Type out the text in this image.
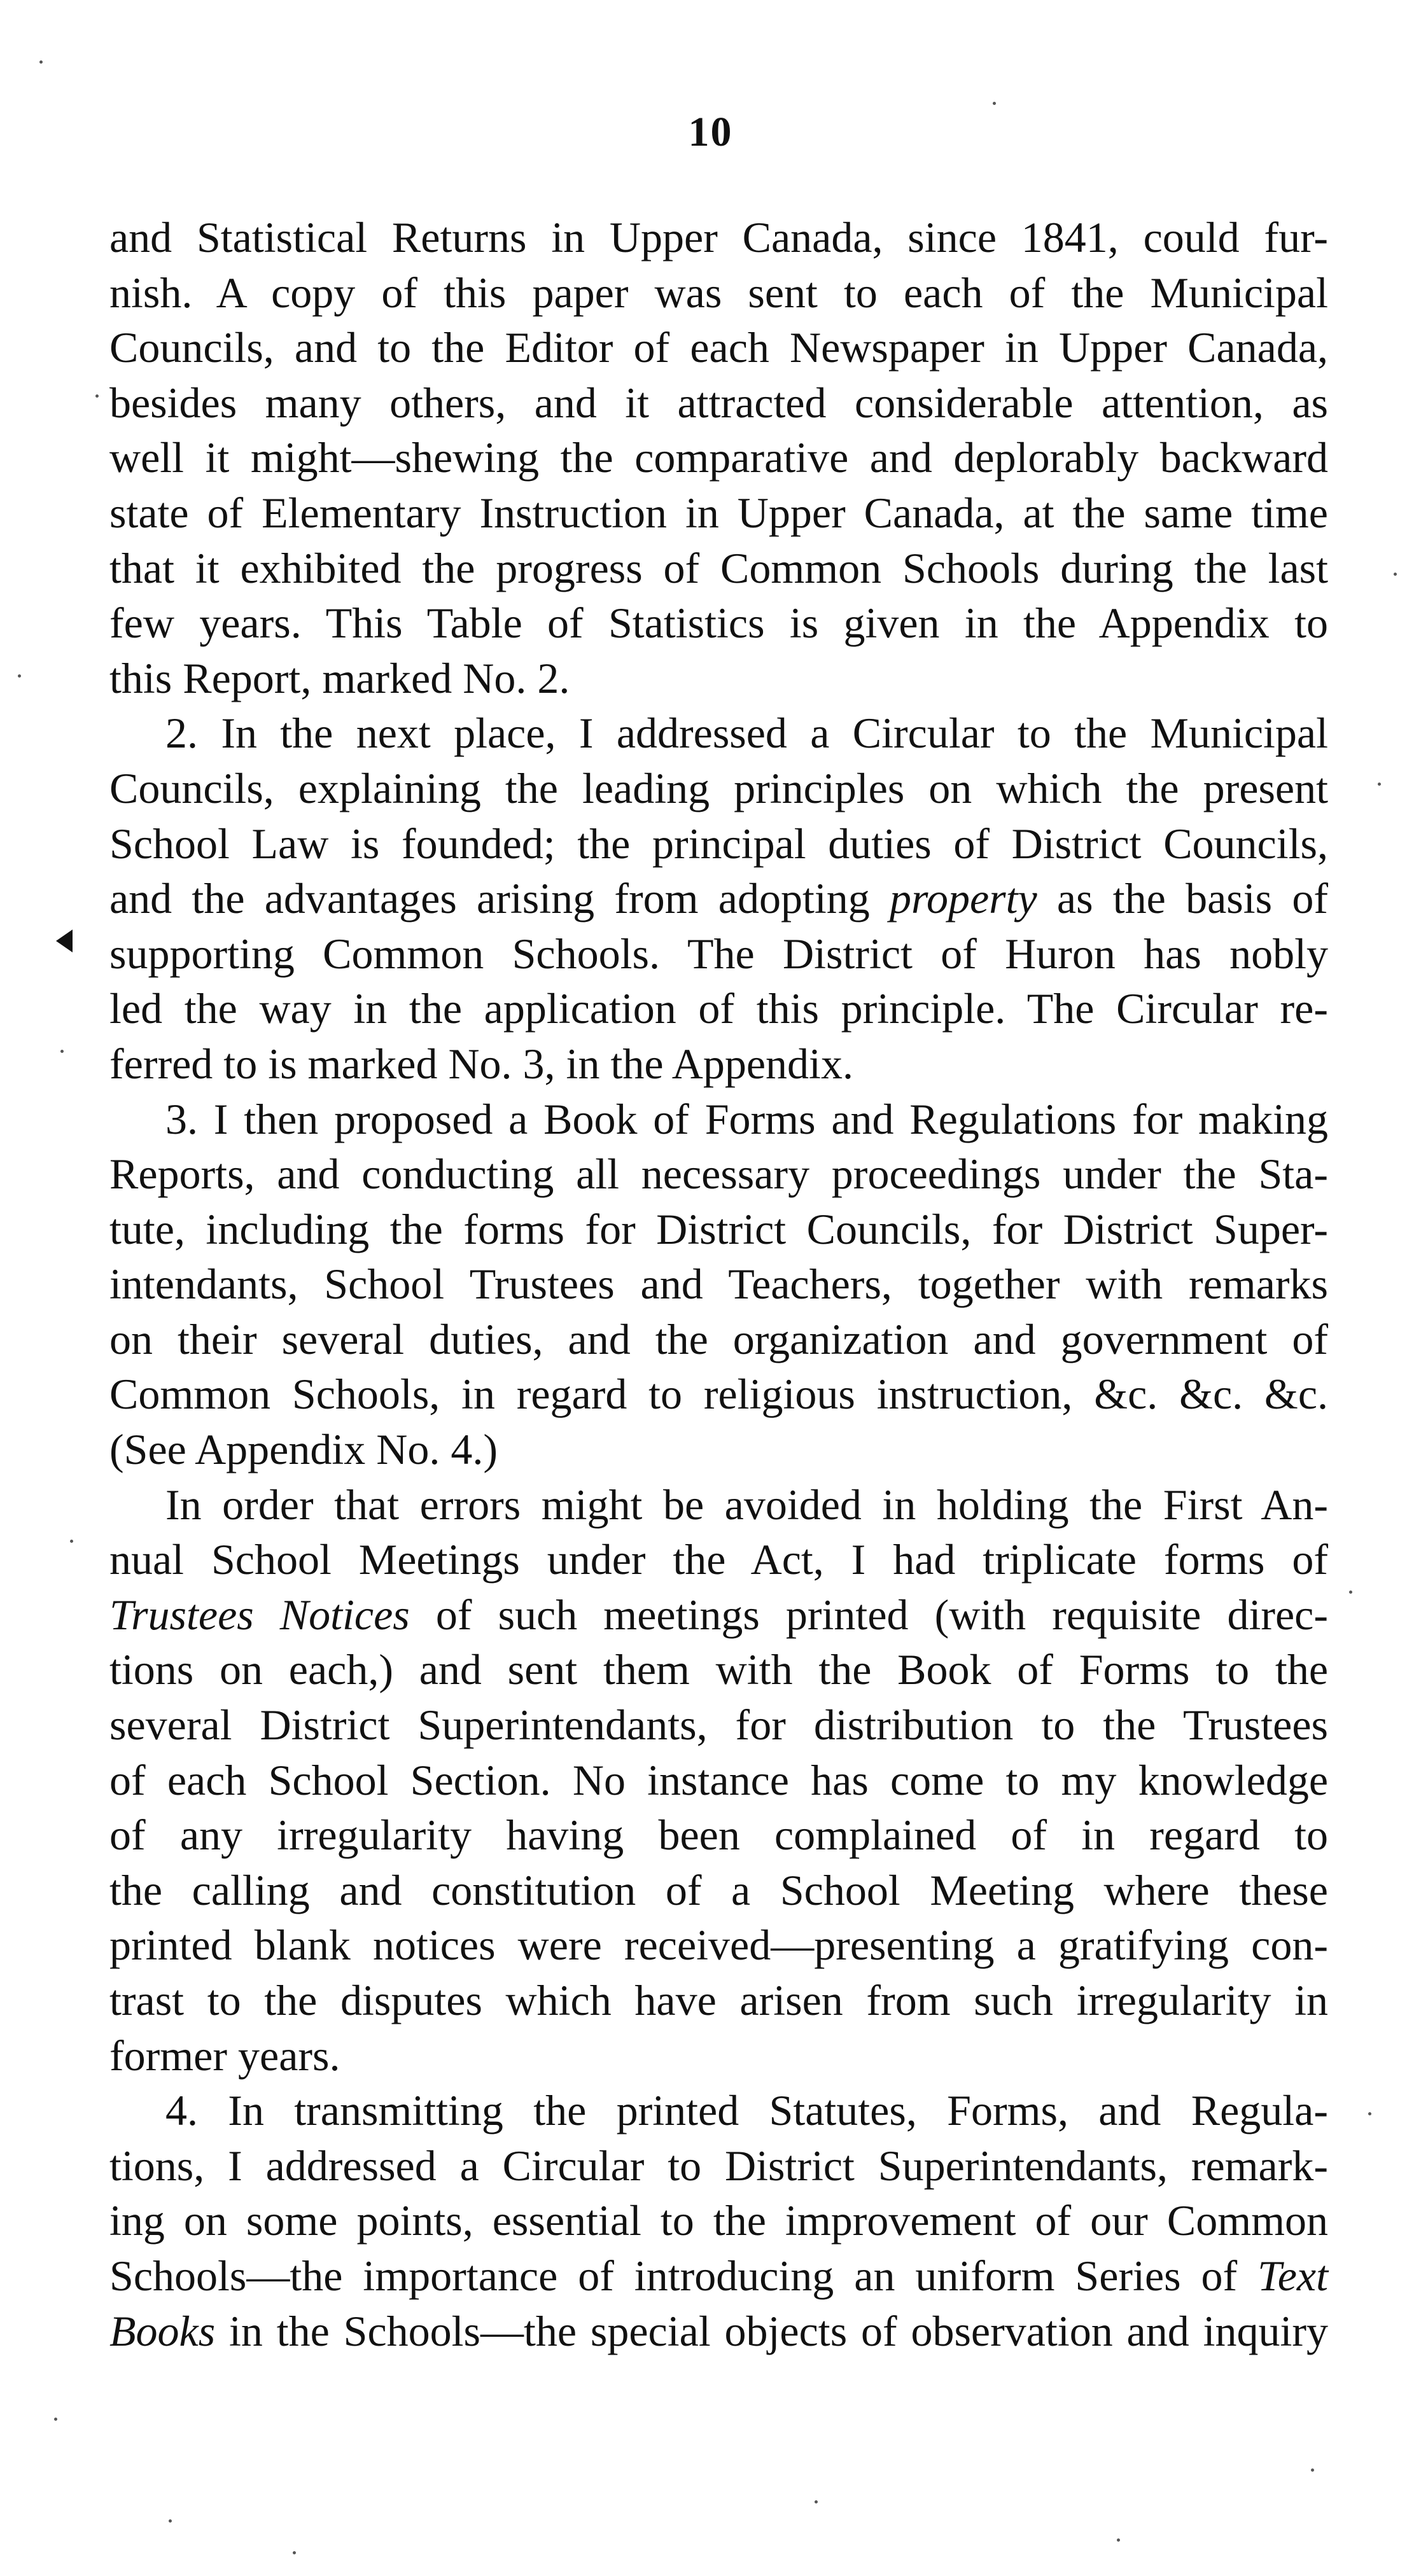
10
and Statistical Returns in Upper Canada, since 1841, could fur-
nish. A copy of this paper was sent to each of the Municipal
Councils, and to the Editor of each Newspaper in Upper Canada,
besides many others, and it attracted considerable attention, as
well it might—shewing the comparative and deplorably backward
state of Elementary Instruction in Upper Canada, at the same time
that it exhibited the progress of Common Schools during the last
few years. This Table of Statistics is given in the Appendix to
this Report, marked No. 2.
2. In the next place, I addressed a Circular to the Municipal
Councils, explaining the leading principles on which the present
School Law is founded; the principal duties of District Councils,
and the advantages arising from adopting property as the basis of
supporting Common Schools. The District of Huron has nobly
led the way in the application of this principle. The Circular re-
ferred to is marked No. 3, in the Appendix.
3. I then proposed a Book of Forms and Regulations for making
Reports, and conducting all necessary proceedings under the Sta-
tute, including the forms for District Councils, for District Super-
intendants, School Trustees and Teachers, together with remarks
on their several duties, and the organization and government of
Common Schools, in regard to religious instruction, &c. &c. &c.
(See Appendix No. 4.)
In order that errors might be avoided in holding the First An-
nual School Meetings under the Act, I had triplicate forms of
Trustees Notices of such meetings printed (with requisite direc-
tions on each,) and sent them with the Book of Forms to the
several District Superintendants, for distribution to the Trustees
of each School Section. No instance has come to my knowledge
of any irregularity having been complained of in regard to
the calling and constitution of a School Meeting where these
printed blank notices were received—presenting a gratifying con-
trast to the disputes which have arisen from such irregularity in
former years.
4. In transmitting the printed Statutes, Forms, and Regula-
tions, I addressed a Circular to District Superintendants, remark-
ing on some points, essential to the improvement of our Common
Schools—the importance of introducing an uniform Series of Text
Books in the Schools—the special objects of observation and inquiry
